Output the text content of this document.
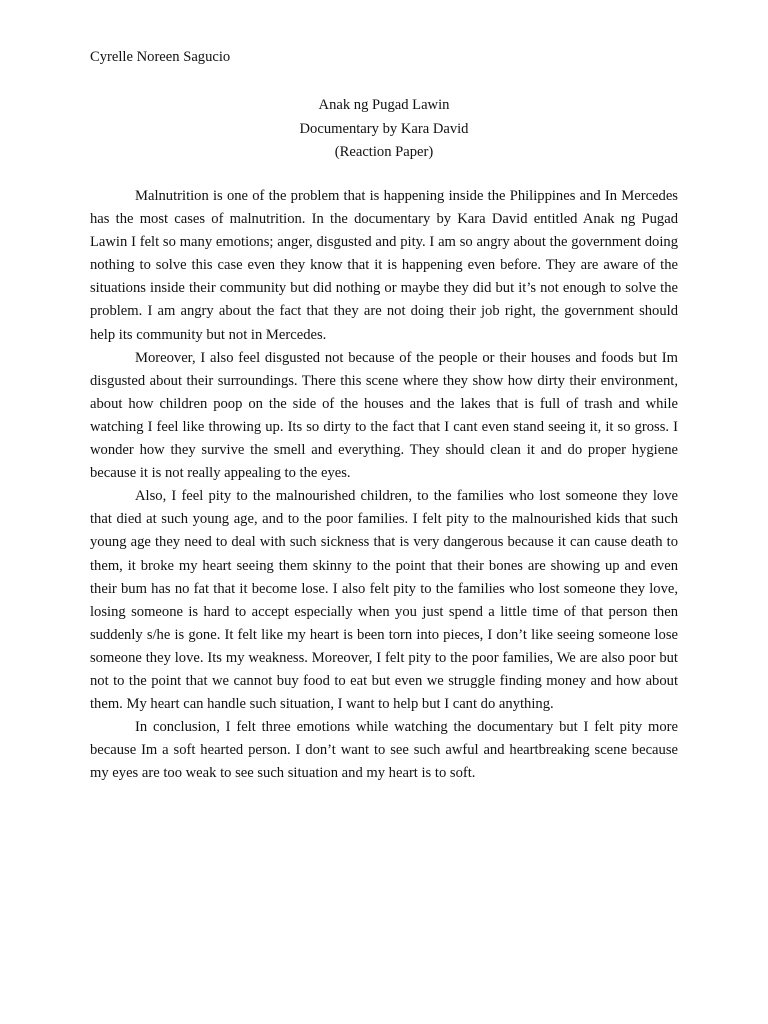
Cyrelle Noreen Sagucio

Anak ng Pugad Lawin
Documentary by Kara David
(Reaction Paper)

Malnutrition is one of the problem that is happening inside the Philippines and In Mercedes has the most cases of malnutrition. In the documentary by Kara David entitled Anak ng Pugad Lawin I felt so many emotions; anger, disgusted and pity. I am so angry about the government doing nothing to solve this case even they know that it is happening even before. They are aware of the situations inside their community but did nothing or maybe they did but it’s not enough to solve the problem. I am angry about the fact that they are not doing their job right, the government should help its community but not in Mercedes.

Moreover, I also feel disgusted not because of the people or their houses and foods but Im disgusted about their surroundings. There this scene where they show how dirty their environment, about how children poop on the side of the houses and the lakes that is full of trash and while watching I feel like throwing up. Its so dirty to the fact that I cant even stand seeing it, it so gross. I wonder how they survive the smell and everything. They should clean it and do proper hygiene because it is not really appealing to the eyes.

Also, I feel pity to the malnourished children, to the families who lost someone they love that died at such young age, and to the poor families. I felt pity to the malnourished kids that such young age they need to deal with such sickness that is very dangerous because it can cause death to them, it broke my heart seeing them skinny to the point that their bones are showing up and even their bum has no fat that it become lose. I also felt pity to the families who lost someone they love, losing someone is hard to accept especially when you just spend a little time of that person then suddenly s/he is gone. It felt like my heart is been torn into pieces, I don’t like seeing someone lose someone they love. Its my weakness. Moreover, I felt pity to the poor families, We are also poor but not to the point that we cannot buy food to eat but even we struggle finding money and how about them. My heart can handle such situation, I want to help but I cant do anything.

In conclusion, I felt three emotions while watching the documentary but I felt pity more because Im a soft hearted person. I don’t want to see such awful and heartbreaking scene because my eyes are too weak to see such situation and my heart is to soft.
